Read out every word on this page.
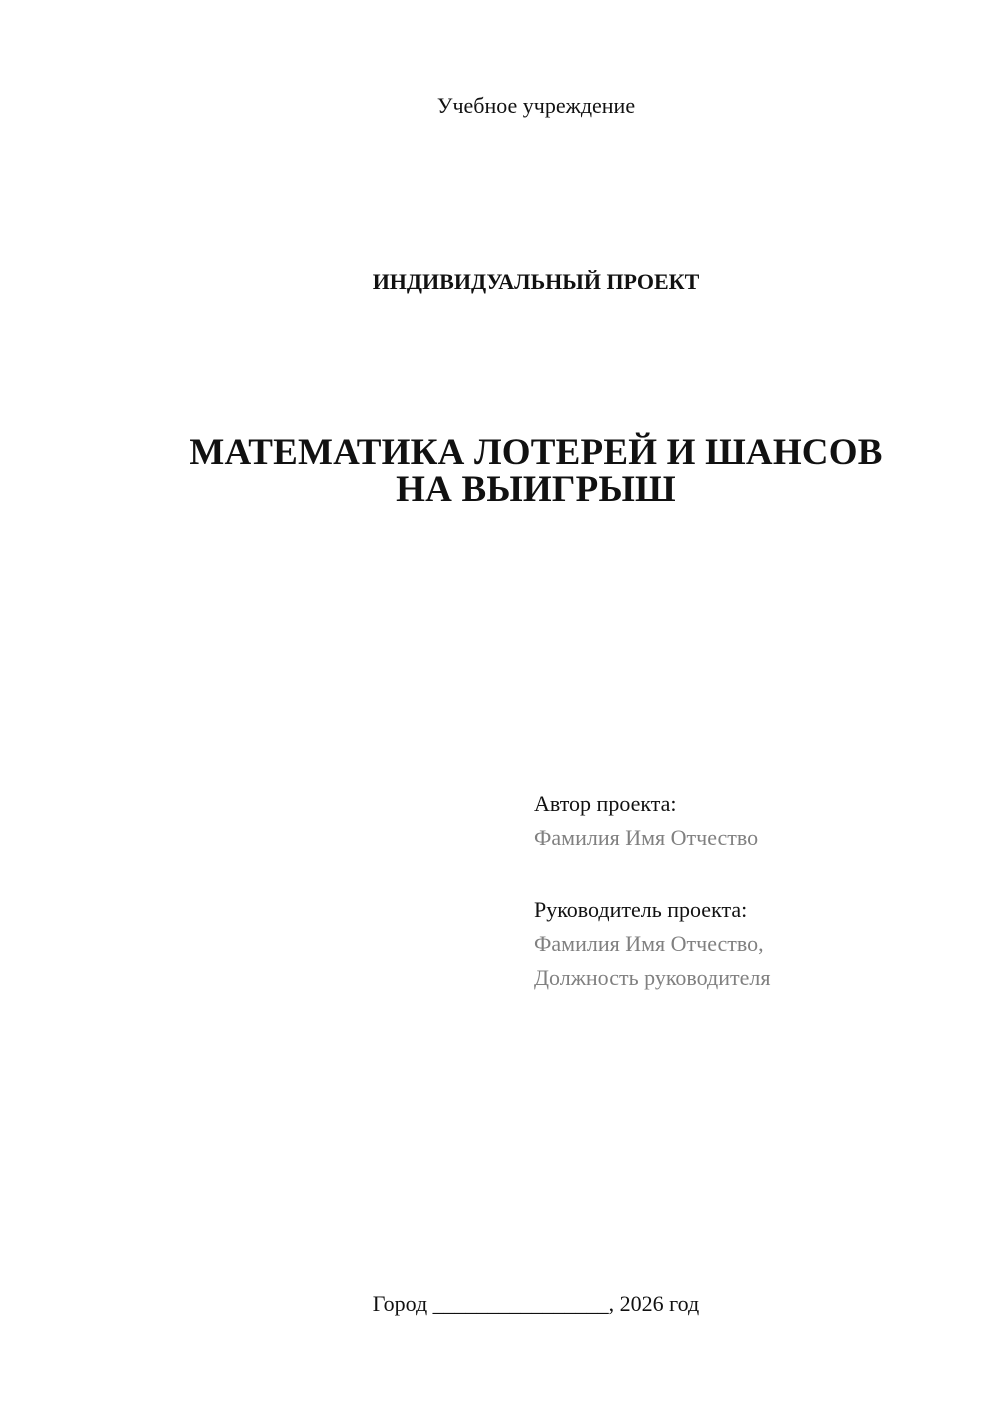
Учебное учреждение
ИНДИВИДУАЛЬНЫЙ ПРОЕКТ
МАТЕМАТИКА ЛОТЕРЕЙ И ШАНСОВ
НА ВЫИГРЫШ
Автор проекта:
Фамилия Имя Отчество
Руководитель проекта:
Фамилия Имя Отчество,
Должность руководителя
Город ________________, 2026 год
